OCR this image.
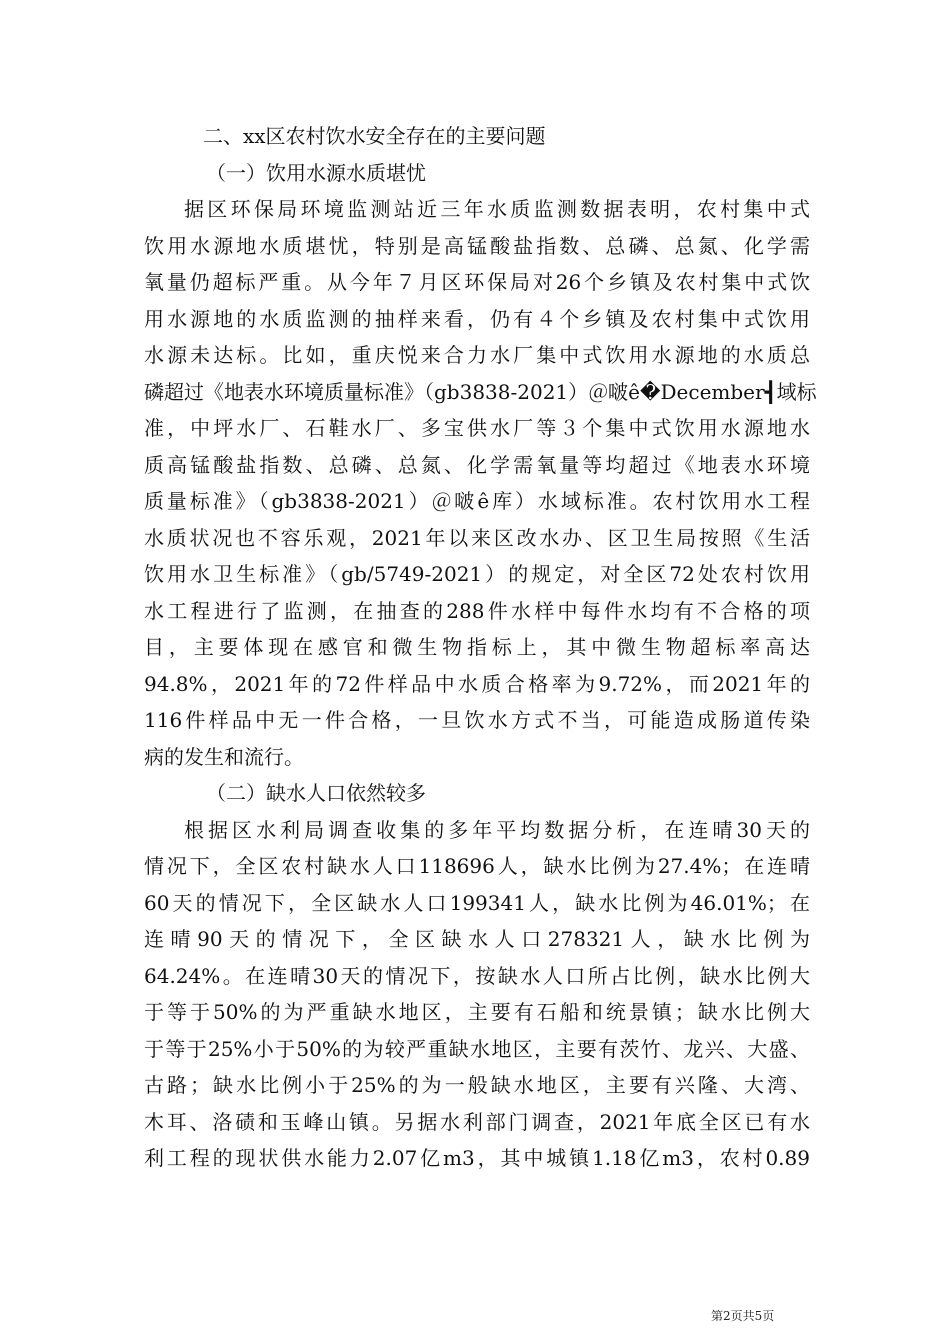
二、xx区农村饮水安全存在的主要问题
（一）饮用水源水质堪忧
据区环保局环境监测站近三年水质监测数据表明，农村集中式
饮用水源地水质堪忧，特别是高锰酸盐指数、总磷、总氮、化学需
氧量仍超标严重。从今年７月区环保局对26个乡镇及农村集中式饮
用水源地的水质监测的抽样来看，仍有４个乡镇及农村集中式饮用
水源未达标。比如，重庆悦来合力水厂集中式饮用水源地的水质总
磷超过《地表水环境质量标准》（gb3838-2021）＠啵ê�December┫域标
准，中坪水厂、石鞋水厂、多宝供水厂等３个集中式饮用水源地水
质高锰酸盐指数、总磷、总氮、化学需氧量等均超过《地表水环境
质量标准》（gb3838-2021）＠啵ê库）水域标准。农村饮用水工程
水质状况也不容乐观，2021年以来区改水办、区卫生局按照《生活
饮用水卫生标准》（gb/5749-2021）的规定，对全区72处农村饮用
水工程进行了监测，在抽查的288件水样中每件水均有不合格的项
目，主要体现在感官和微生物指标上，其中微生物超标率高达
94.8%，2021年的72件样品中水质合格率为9.72%，而2021年的
116件样品中无一件合格，一旦饮水方式不当，可能造成肠道传染
病的发生和流行。
（二）缺水人口依然较多
根据区水利局调查收集的多年平均数据分析，在连晴30天的
情况下，全区农村缺水人口118696人，缺水比例为27.4%；在连晴
60天的情况下，全区缺水人口199341人，缺水比例为46.01%；在
连晴90天的情况下，全区缺水人口278321人，缺水比例为
64.24%。在连晴30天的情况下，按缺水人口所占比例，缺水比例大
于等于50%的为严重缺水地区，主要有石船和统景镇；缺水比例大
于等于25%小于50%的为较严重缺水地区，主要有茨竹、龙兴、大盛、
古路；缺水比例小于25%的为一般缺水地区，主要有兴隆、大湾、
木耳、洛碛和玉峰山镇。另据水利部门调查，2021年底全区已有水
利工程的现状供水能力2.07亿m3，其中城镇1.18亿m3，农村0.89
第2页共5页
